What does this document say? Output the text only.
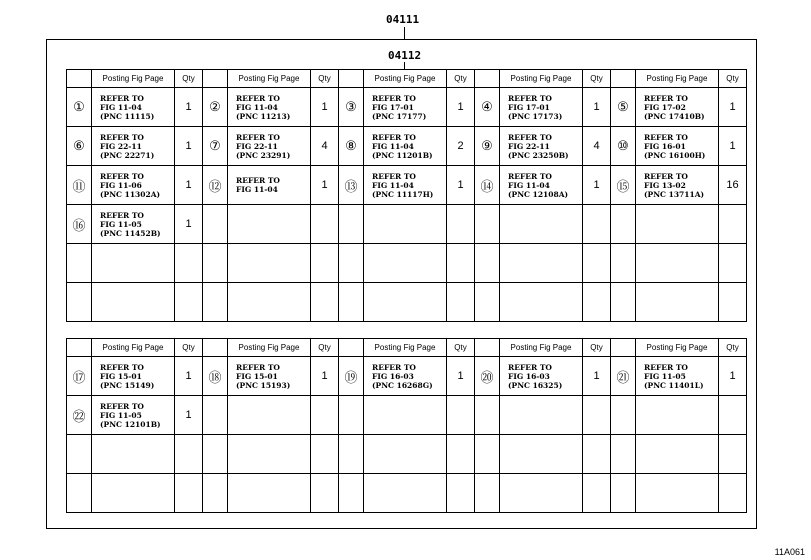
04111
04112
	Posting Fig Page	Qty		Posting Fig Page	Qty		Posting Fig Page	Qty		Posting Fig Page	Qty		Posting Fig Page	Qty
①	REFER TO
FIG 11-04
(PNC 11115)	1	②	REFER TO
FIG 11-04
(PNC 11213)	1	③	REFER TO
FIG 17-01
(PNC 17177)	1	④	REFER TO
FIG 17-01
(PNC 17173)	1	⑤	REFER TO
FIG 17-02
(PNC 17410B)	1
⑥	REFER TO
FIG 22-11
(PNC 22271)	1	⑦	REFER TO
FIG 22-11
(PNC 23291)	4	⑧	REFER TO
FIG 11-04
(PNC 11201B)	2	⑨	REFER TO
FIG 22-11
(PNC 23250B)	4	⑩	REFER TO
FIG 16-01
(PNC 16100H)	1
⑪	REFER TO
FIG 11-06
(PNC 11302A)	1	⑫	REFER TO
FIG 11-04	1	⑬	REFER TO
FIG 11-04
(PNC 11117H)	1	⑭	REFER TO
FIG 11-04
(PNC 12108A)	1	⑮	REFER TO
FIG 13-02
(PNC 13711A)	16
⑯	REFER TO
FIG 11-05
(PNC 11452B)	1												

	Posting Fig Page	Qty		Posting Fig Page	Qty		Posting Fig Page	Qty		Posting Fig Page	Qty		Posting Fig Page	Qty
⑰	REFER TO
FIG 15-01
(PNC 15149)	1	⑱	REFER TO
FIG 15-01
(PNC 15193)	1	⑲	REFER TO
FIG 16-03
(PNC 16268G)	1	⑳	REFER TO
FIG 16-03
(PNC 16325)	1	㉑	REFER TO
FIG 11-05
(PNC 11401L)	1
㉒	REFER TO
FIG 11-05
(PNC 12101B)	1												

11A061
